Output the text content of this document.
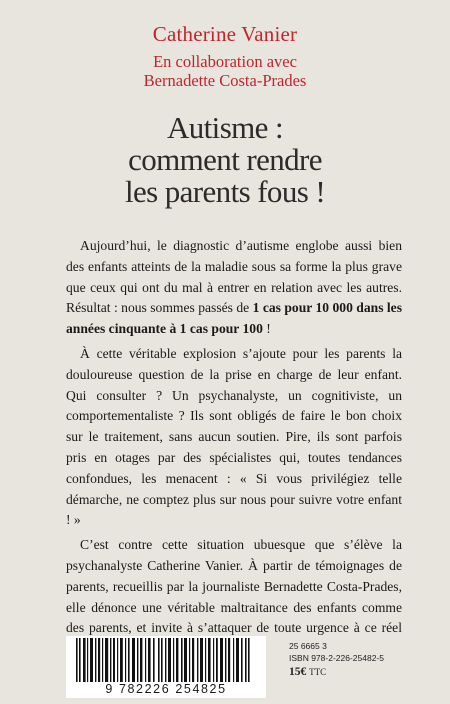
Catherine Vanier
En collaboration avec
Bernadette Costa-Prades
Autisme :
comment rendre
les parents fous !

Aujourd’hui, le diagnostic d’autisme englobe aussi bien des enfants atteints de la maladie sous sa forme la plus grave que ceux qui ont du mal à entrer en relation avec les autres. Résultat : nous sommes passés de 1 cas pour 10 000 dans les années cinquante à 1 cas pour 100 !

À cette véritable explosion s’ajoute pour les parents la douloureuse question de la prise en charge de leur enfant. Qui consulter ? Un psychanalyste, un cognitiviste, un comportementaliste ? Ils sont obligés de faire le bon choix sur le traitement, sans aucun soutien. Pire, ils sont parfois pris en otages par des spécialistes qui, toutes tendances confondues, les menacent : « Si vous privilégiez telle démarche, ne comptez plus sur nous pour suivre votre enfant ! »

C’est contre cette situation ubuesque que s’élève la psychanalyste Catherine Vanier. À partir de témoignages de parents, recueillis par la journaliste Bernadette Costa-Prades, elle dénonce une véritable maltraitance des enfants comme des parents, et invite à s’attaquer de toute urgence à ce réel

9 782226 254825
25 6665 3
ISBN 978-2-226-25482-5
15€ TTC
